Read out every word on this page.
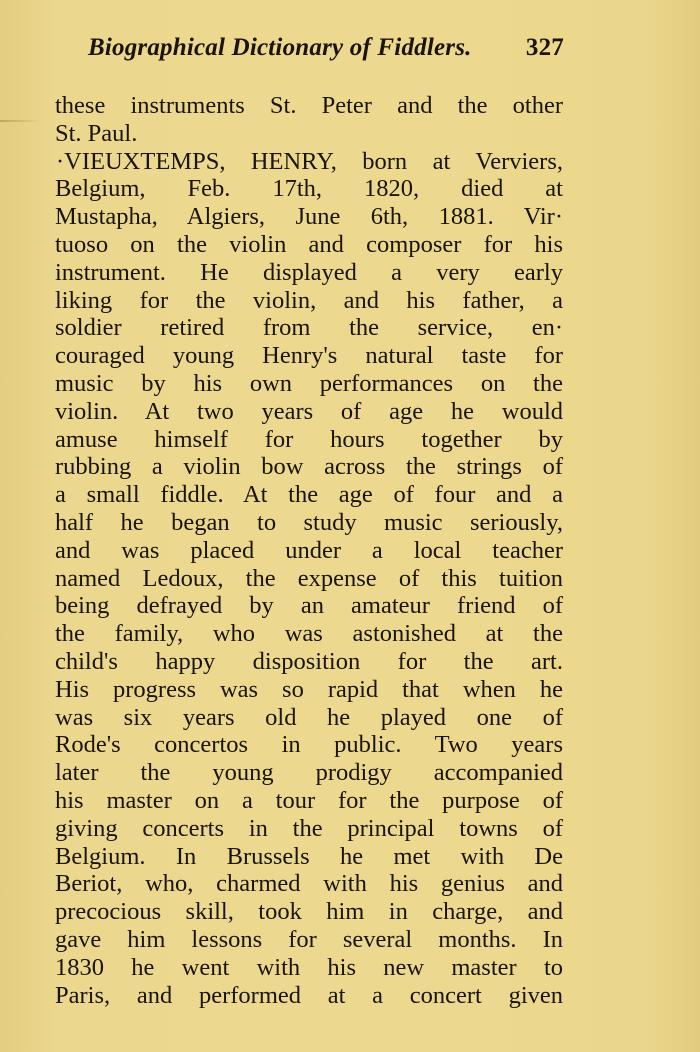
Biographical Dictionary of Fiddlers. 327
these instruments St. Peter and the other
St. Paul.
·VIEUXTEMPS, HENRY, born at Verviers,
Belgium, Feb. 17th, 1820, died at
Mustapha, Algiers, June 6th, 1881. Vir·
tuoso on the violin and composer for his
instrument. He displayed a very early
liking for the violin, and his father, a
soldier retired from the service, en·
couraged young Henry's natural taste for
music by his own performances on the
violin. At two years of age he would
amuse himself for hours together by
rubbing a violin bow across the strings of
a small fiddle. At the age of four and a
half he began to study music seriously,
and was placed under a local teacher
named Ledoux, the expense of this tuition
being defrayed by an amateur friend of
the family, who was astonished at the
child's happy disposition for the art.
His progress was so rapid that when he
was six years old he played one of
Rode's concertos in public. Two years
later the young prodigy accompanied
his master on a tour for the purpose of
giving concerts in the principal towns of
Belgium. In Brussels he met with De
Beriot, who, charmed with his genius and
precocious skill, took him in charge, and
gave him lessons for several months. In
1830 he went with his new master to
Paris, and performed at a concert given
